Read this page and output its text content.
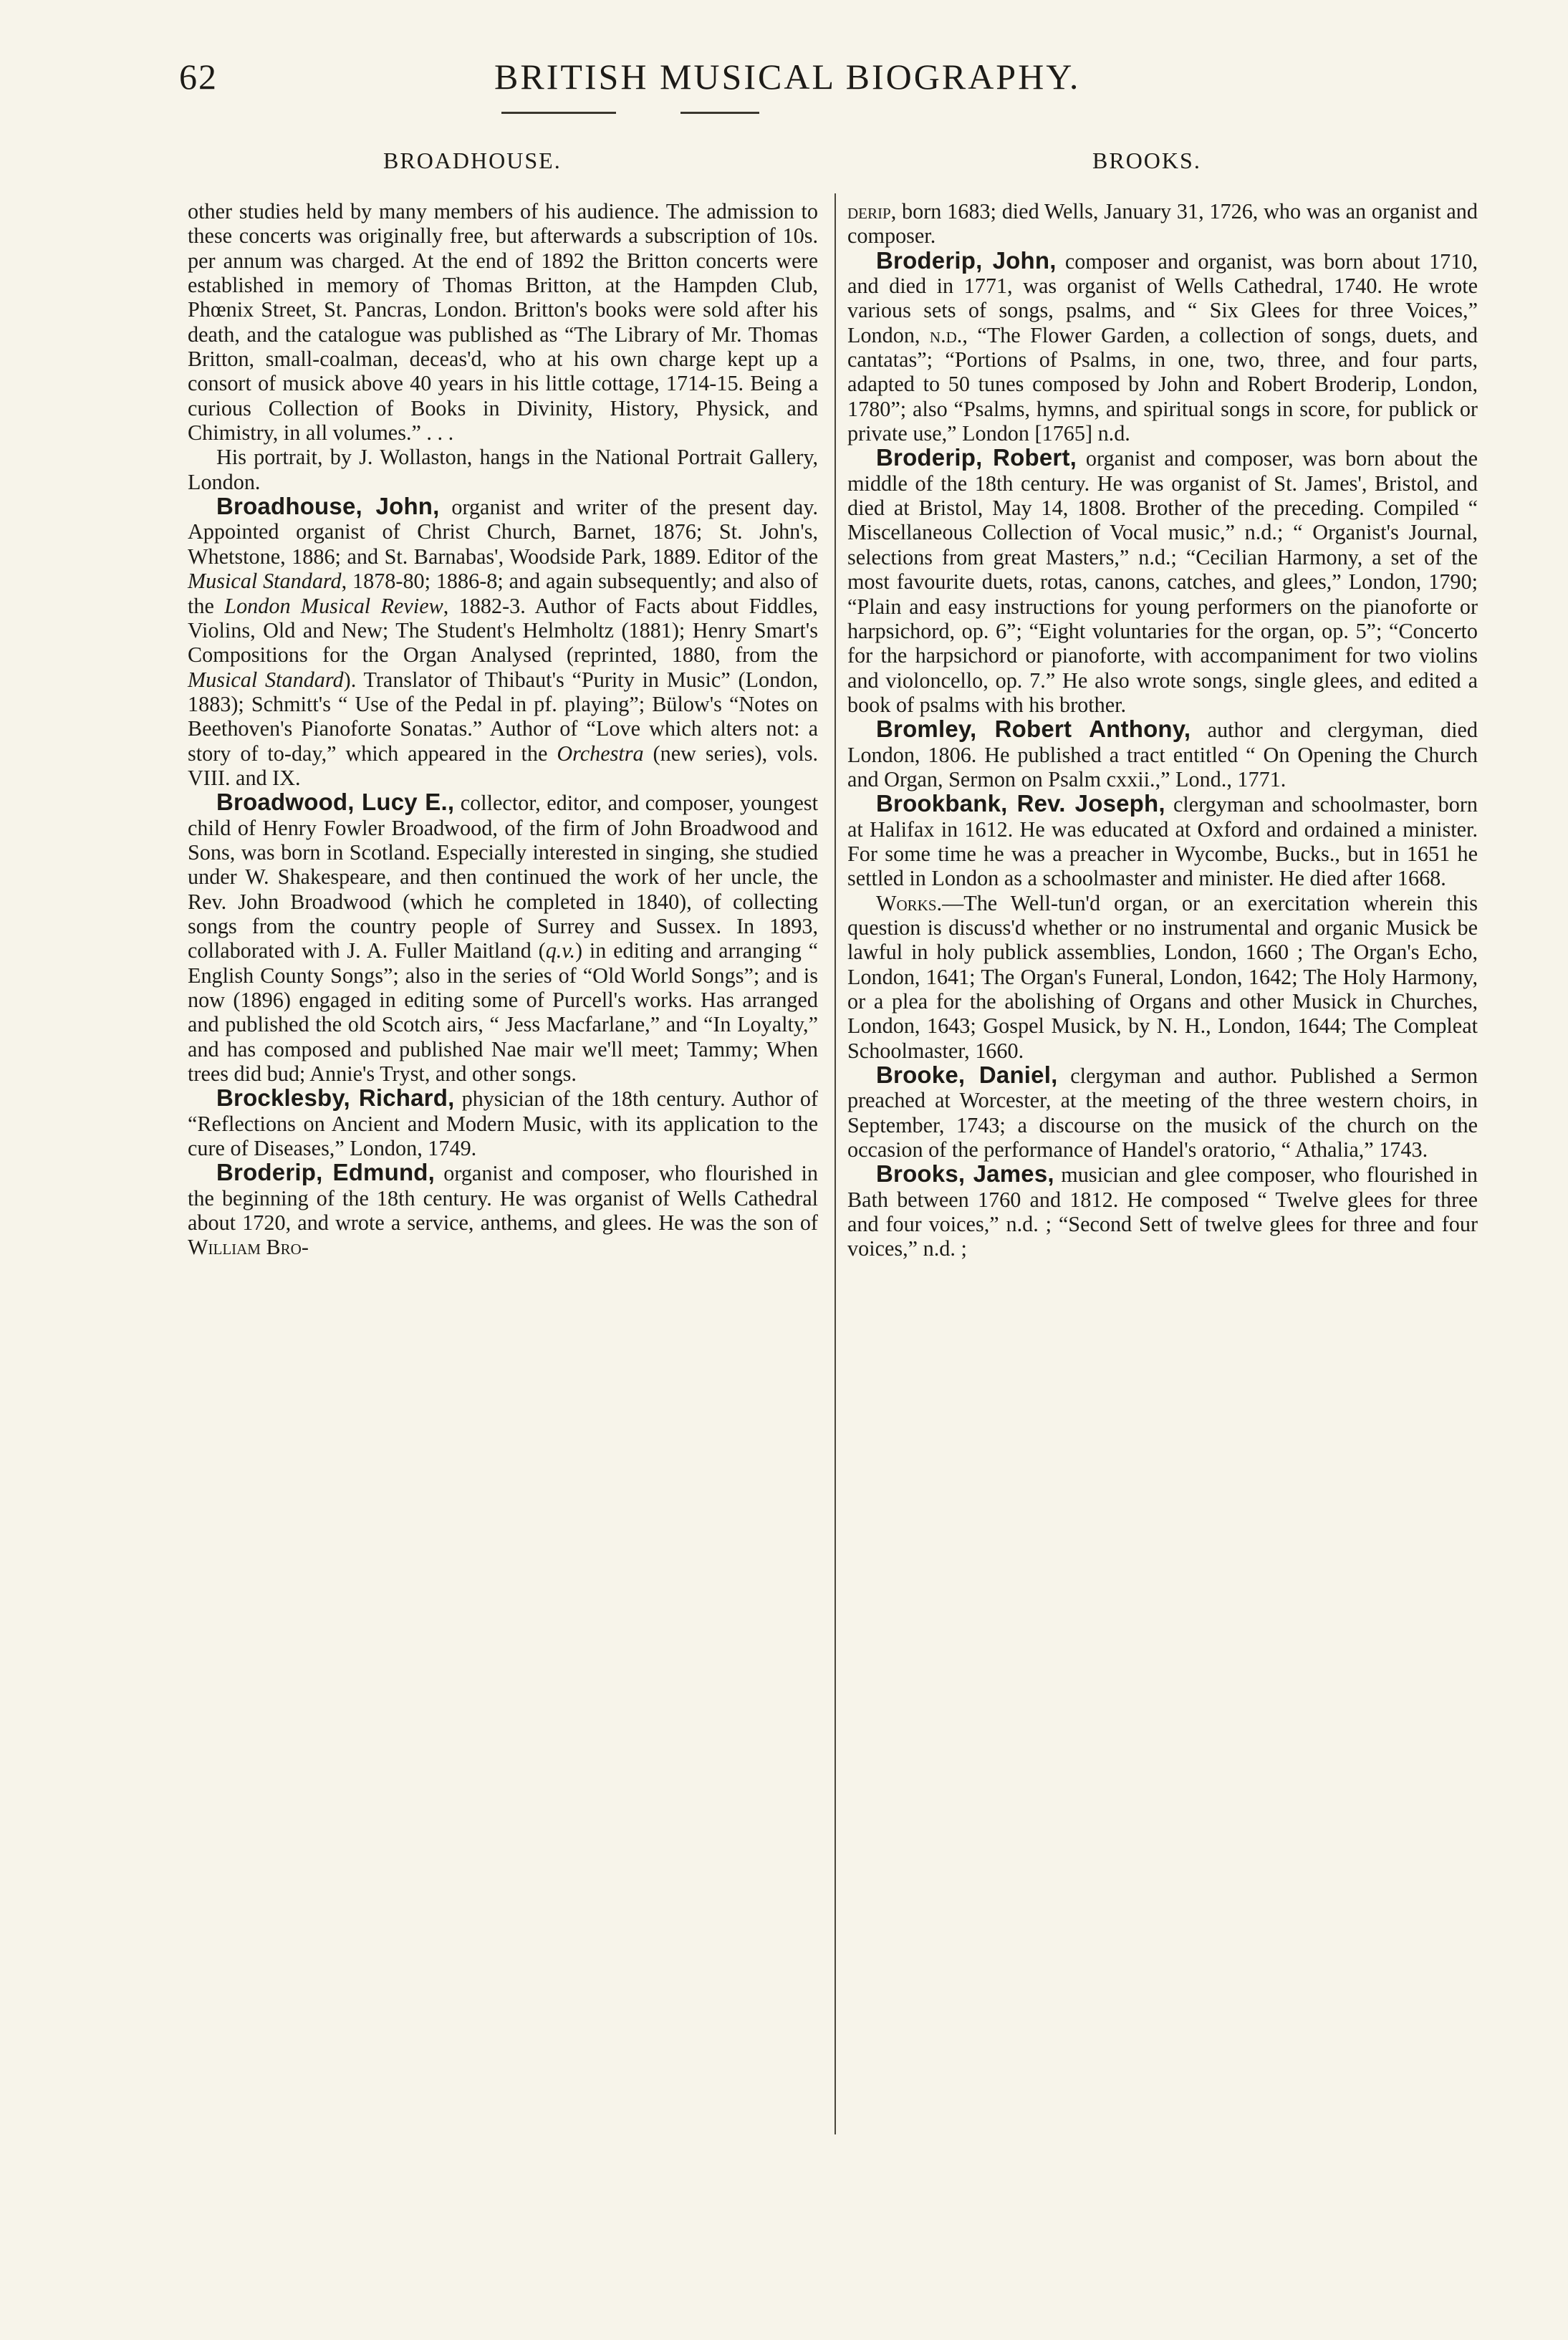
62	BRITISH MUSICAL BIOGRAPHY.
BROADHOUSE.	BROOKS.

other studies held by many members of his audience. The admission to these concerts was originally free, but afterwards a subscription of 10s. per annum was charged. At the end of 1892 the Britton concerts were established in memory of Thomas Britton, at the Hampden Club, Phœnix Street, St. Pancras, London. Britton's books were sold after his death, and the catalogue was published as “The Library of Mr. Thomas Britton, small-coalman, deceas'd, who at his own charge kept up a consort of musick above 40 years in his little cottage, 1714-15. Being a curious Collection of Books in Divinity, History, Physick, and Chimistry, in all volumes.” . . .

His portrait, by J. Wollaston, hangs in the National Portrait Gallery, London.

Broadhouse, John, organist and writer of the present day. Appointed organist of Christ Church, Barnet, 1876; St. John's, Whetstone, 1886; and St. Barnabas', Woodside Park, 1889. Editor of the Musical Standard, 1878-80; 1886-8; and again subsequently; and also of the London Musical Review, 1882-3. Author of Facts about Fiddles, Violins, Old and New; The Student's Helmholtz (1881); Henry Smart's Compositions for the Organ Analysed (reprinted, 1880, from the Musical Standard). Translator of Thibaut's “Purity in Music” (London, 1883); Schmitt's “ Use of the Pedal in pf. playing”; Bülow's “Notes on Beethoven's Pianoforte Sonatas.” Author of “Love which alters not: a story of to-day,” which appeared in the Orchestra (new series), vols. VIII. and IX.

Broadwood, Lucy E., collector, editor, and composer, youngest child of Henry Fowler Broadwood, of the firm of John Broadwood and Sons, was born in Scotland. Especially interested in singing, she studied under W. Shakespeare, and then continued the work of her uncle, the Rev. John Broadwood (which he completed in 1840), of collecting songs from the country people of Surrey and Sussex. In 1893, collaborated with J. A. Fuller Maitland (q.v.) in editing and arranging “ English County Songs”; also in the series of “Old World Songs”; and is now (1896) engaged in editing some of Purcell's works. Has arranged and published the old Scotch airs, “ Jess Macfarlane,” and “In Loyalty,” and has composed and published Nae mair we'll meet; Tammy; When trees did bud; Annie's Tryst, and other songs.

Brocklesby, Richard, physician of the 18th century. Author of “Reflections on Ancient and Modern Music, with its application to the cure of Diseases,” London, 1749.

Broderip, Edmund, organist and composer, who flourished in the beginning of the 18th century. He was organist of Wells Cathedral about 1720, and wrote a service, anthems, and glees. He was the son of William Bro-

derip, born 1683; died Wells, January 31, 1726, who was an organist and composer.

Broderip, John, composer and organist, was born about 1710, and died in 1771, was organist of Wells Cathedral, 1740. He wrote various sets of songs, psalms, and “ Six Glees for three Voices,” London, n.d., “The Flower Garden, a collection of songs, duets, and cantatas”; “Portions of Psalms, in one, two, three, and four parts, adapted to 50 tunes composed by John and Robert Broderip, London, 1780”; also “Psalms, hymns, and spiritual songs in score, for publick or private use,” London [1765] n.d.

Broderip, Robert, organist and composer, was born about the middle of the 18th century. He was organist of St. James', Bristol, and died at Bristol, May 14, 1808. Brother of the preceding. Compiled “ Miscellaneous Collection of Vocal music,” n.d.; “ Organist's Journal, selections from great Masters,” n.d.; “Cecilian Harmony, a set of the most favourite duets, rotas, canons, catches, and glees,” London, 1790; “Plain and easy instructions for young performers on the pianoforte or harpsichord, op. 6”; “Eight voluntaries for the organ, op. 5”; “Concerto for the harpsichord or pianoforte, with accompaniment for two violins and violoncello, op. 7.” He also wrote songs, single glees, and edited a book of psalms with his brother.

Bromley, Robert Anthony, author and clergyman, died London, 1806. He published a tract entitled “ On Opening the Church and Organ, Sermon on Psalm cxxii.,” Lond., 1771.

Brookbank, Rev. Joseph, clergyman and schoolmaster, born at Halifax in 1612. He was educated at Oxford and ordained a minister. For some time he was a preacher in Wycombe, Bucks., but in 1651 he settled in London as a schoolmaster and minister. He died after 1668.

Works.—The Well-tun'd organ, or an exercitation wherein this question is discuss'd whether or no instrumental and organic Musick be lawful in holy publick assemblies, London, 1660 ; The Organ's Echo, London, 1641; The Organ's Funeral, London, 1642; The Holy Harmony, or a plea for the abolishing of Organs and other Musick in Churches, London, 1643; Gospel Musick, by N. H., London, 1644; The Compleat Schoolmaster, 1660.

Brooke, Daniel, clergyman and author. Published a Sermon preached at Worcester, at the meeting of the three western choirs, in September, 1743; a discourse on the musick of the church on the occasion of the performance of Handel's oratorio, “ Athalia,” 1743.

Brooks, James, musician and glee composer, who flourished in Bath between 1760 and 1812. He composed “ Twelve glees for three and four voices,” n.d. ; “Second Sett of twelve glees for three and four voices,” n.d. ;
